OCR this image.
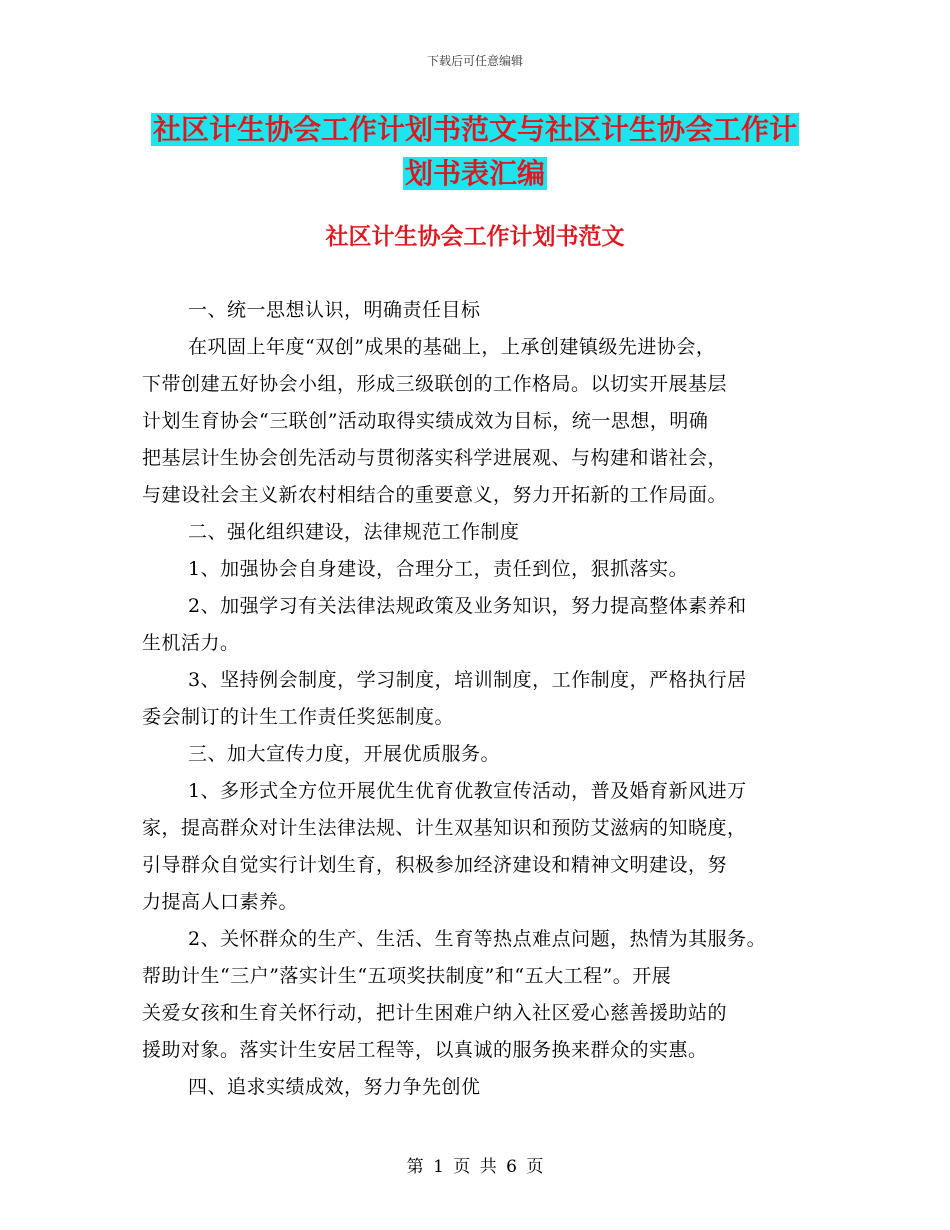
下载后可任意编辑
社区计生协会工作计划书范文与社区计生协会工作计
划书表汇编
社区计生协会工作计划书范文
一、统一思想认识，明确责任目标
在巩固上年度“双创”成果的基础上，上承创建镇级先进协会，
下带创建五好协会小组，形成三级联创的工作格局。以切实开展基层
计划生育协会“三联创”活动取得实绩成效为目标，统一思想，明确
把基层计生协会创先活动与贯彻落实科学进展观、与构建和谐社会，
与建设社会主义新农村相结合的重要意义，努力开拓新的工作局面。
二、强化组织建设，法律规范工作制度
1、加强协会自身建设，合理分工，责任到位，狠抓落实。
2、加强学习有关法律法规政策及业务知识，努力提高整体素养和
生机活力。
3、坚持例会制度，学习制度，培训制度，工作制度，严格执行居
委会制订的计生工作责任奖惩制度。
三、加大宣传力度，开展优质服务。
1、多形式全方位开展优生优育优教宣传活动，普及婚育新风进万
家，提高群众对计生法律法规、计生双基知识和预防艾滋病的知晓度，
引导群众自觉实行计划生育，积极参加经济建设和精神文明建设，努
力提高人口素养。
2、关怀群众的生产、生活、生育等热点难点问题，热情为其服务。
帮助计生“三户”落实计生“五项奖扶制度”和“五大工程”。开展
关爱女孩和生育关怀行动，把计生困难户纳入社区爱心慈善援助站的
援助对象。落实计生安居工程等，以真诚的服务换来群众的实惠。
四、追求实绩成效，努力争先创优
第 1 页 共 6 页
